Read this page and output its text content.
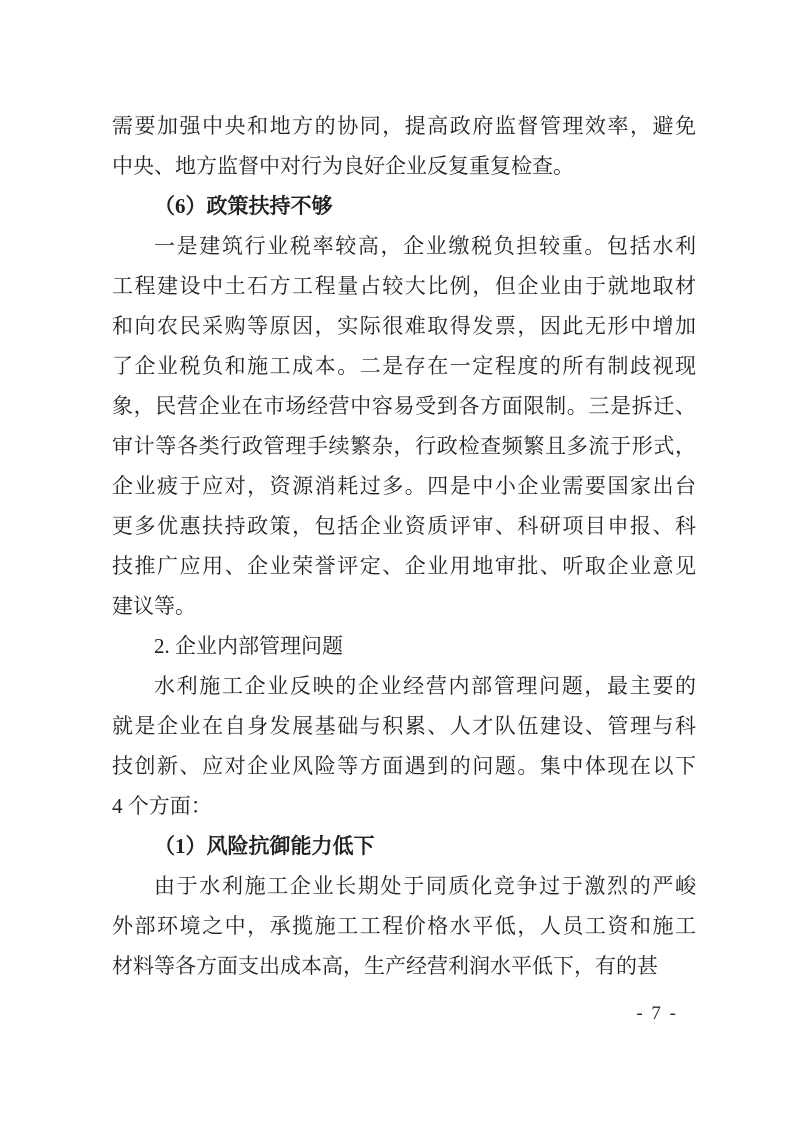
需要加强中央和地方的协同，提高政府监督管理效率，避免
中央、地方监督中对行为良好企业反复重复检查。
（6）政策扶持不够
一是建筑行业税率较高，企业缴税负担较重。包括水利
工程建设中土石方工程量占较大比例，但企业由于就地取材
和向农民采购等原因，实际很难取得发票，因此无形中增加
了企业税负和施工成本。二是存在一定程度的所有制歧视现
象，民营企业在市场经营中容易受到各方面限制。三是拆迁、
审计等各类行政管理手续繁杂，行政检查频繁且多流于形式，
企业疲于应对，资源消耗过多。四是中小企业需要国家出台
更多优惠扶持政策，包括企业资质评审、科研项目申报、科
技推广应用、企业荣誉评定、企业用地审批、听取企业意见
建议等。
2. 企业内部管理问题
水利施工企业反映的企业经营内部管理问题，最主要的
就是企业在自身发展基础与积累、人才队伍建设、管理与科
技创新、应对企业风险等方面遇到的问题。集中体现在以下
4 个方面：
（1）风险抗御能力低下
由于水利施工企业长期处于同质化竞争过于激烈的严峻
外部环境之中，承揽施工工程价格水平低，人员工资和施工
材料等各方面支出成本高，生产经营利润水平低下，有的甚
- 7 -
